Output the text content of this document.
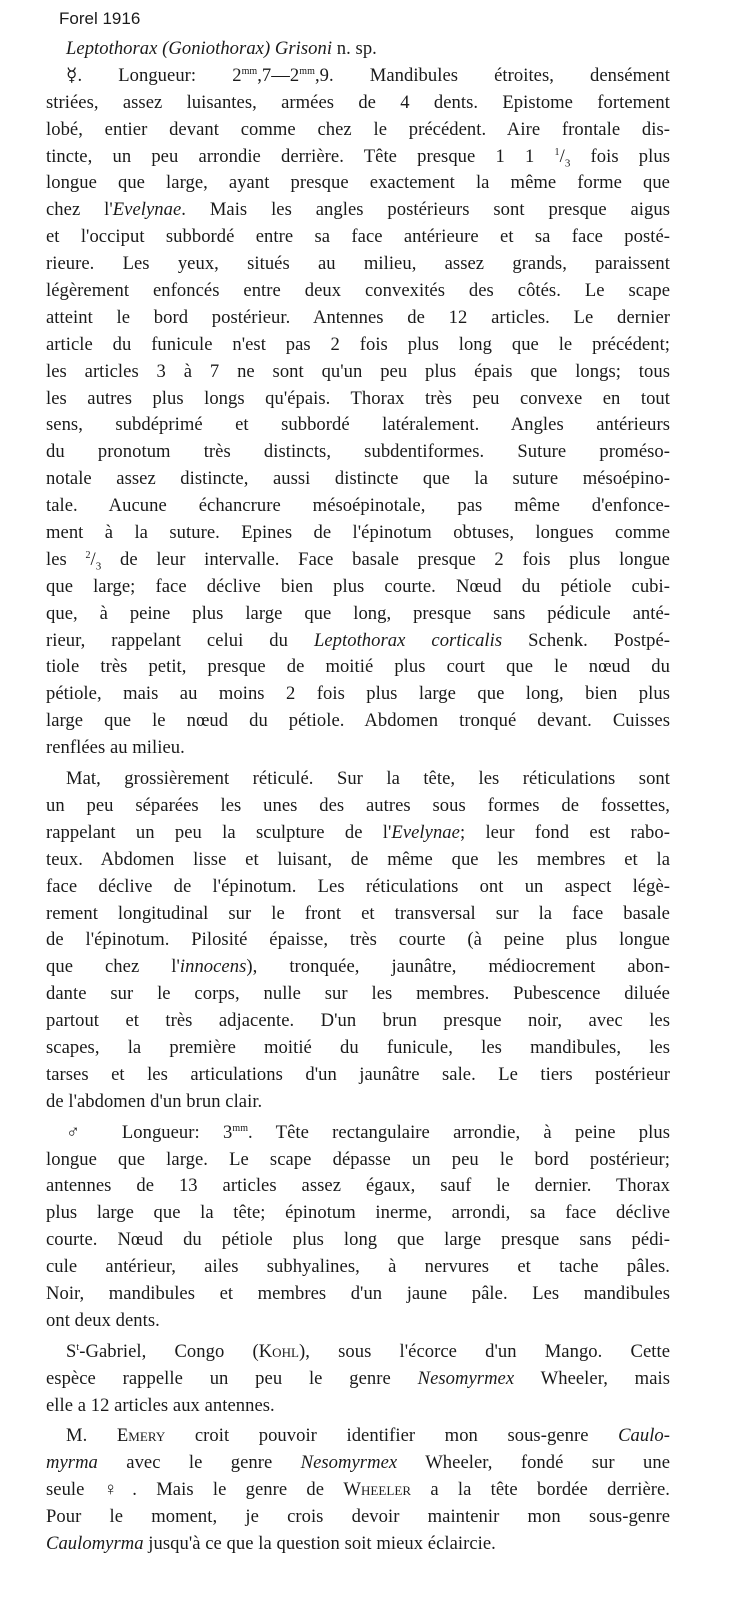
Forel 1916
Leptothorax (Goniothorax) Grisoni n. sp.
☿. Longueur: $2^{mm},7—2^{mm},9$. Mandibules étroites, densément
striées, assez luisantes, armées de 4 dents. Epistome fortement
lobé, entier devant comme chez le précédent. Aire frontale dis-
tincte, un peu arrondie derrière. Tête presque 1 1 $^1/_3$ fois plus
longue que large, ayant presque exactement la même forme que
chez l'Evelynae. Mais les angles postérieurs sont presque aigus
et l'occiput subbordé entre sa face antérieure et sa face posté-
rieure. Les yeux, situés au milieu, assez grands, paraissent
légèrement enfoncés entre deux convexités des côtés. Le scape
atteint le bord postérieur. Antennes de 12 articles. Le dernier
article du funicule n'est pas 2 fois plus long que le précédent;
les articles 3 à 7 ne sont qu'un peu plus épais que longs; tous
les autres plus longs qu'épais. Thorax très peu convexe en tout
sens, subdéprimé et subbordé latéralement. Angles antérieurs
du pronotum très distincts, subdentiformes. Suture proméso-
notale assez distincte, aussi distincte que la suture mésoépino-
tale. Aucune échancrure mésoépinotale, pas même d'enfonce-
ment à la suture. Epines de l'épinotum obtuses, longues comme
les $^2/_3$ de leur intervalle. Face basale presque 2 fois plus longue
que large; face déclive bien plus courte. Nœud du pétiole cubi-
que, à peine plus large que long, presque sans pédicule anté-
rieur, rappelant celui du Leptothorax corticalis Schenk. Postpé-
tiole très petit, presque de moitié plus court que le nœud du
pétiole, mais au moins 2 fois plus large que long, bien plus
large que le nœud du pétiole. Abdomen tronqué devant. Cuisses
renflées au milieu.
Mat, grossièrement réticulé. Sur la tête, les réticulations sont
un peu séparées les unes des autres sous formes de fossettes,
rappelant un peu la sculpture de l'Evelynae; leur fond est rabo-
teux. Abdomen lisse et luisant, de même que les membres et la
face déclive de l'épinotum. Les réticulations ont un aspect légè-
rement longitudinal sur le front et transversal sur la face basale
de l'épinotum. Pilosité épaisse, très courte (à peine plus longue
que chez l'innocens), tronquée, jaunâtre, médiocrement abon-
dante sur le corps, nulle sur les membres. Pubescence diluée
partout et très adjacente. D'un brun presque noir, avec les
scapes, la première moitié du funicule, les mandibules, les
tarses et les articulations d'un jaunâtre sale. Le tiers postérieur
de l'abdomen d'un brun clair.
♂ Longueur: $3^{mm}$. Tête rectangulaire arrondie, à peine plus
longue que large. Le scape dépasse un peu le bord postérieur;
antennes de 13 articles assez égaux, sauf le dernier. Thorax
plus large que la tête; épinotum inerme, arrondi, sa face déclive
courte. Nœud du pétiole plus long que large presque sans pédi-
cule antérieur, ailes subhyalines, à nervures et tache pâles.
Noir, mandibules et membres d'un jaune pâle. Les mandibules
ont deux dents.
$S^t$-Gabriel, Congo (Kohl), sous l'écorce d'un Mango. Cette
espèce rappelle un peu le genre Nesomyrmex Wheeler, mais
elle a 12 articles aux antennes.
M. Emery croit pouvoir identifier mon sous-genre Caulo-
myrma avec le genre Nesomyrmex Wheeler, fondé sur une
seule ♀. Mais le genre de Wheeler a la tête bordée derrière.
Pour le moment, je crois devoir maintenir mon sous-genre
Caulomyrma jusqu'à ce que la question soit mieux éclaircie.
